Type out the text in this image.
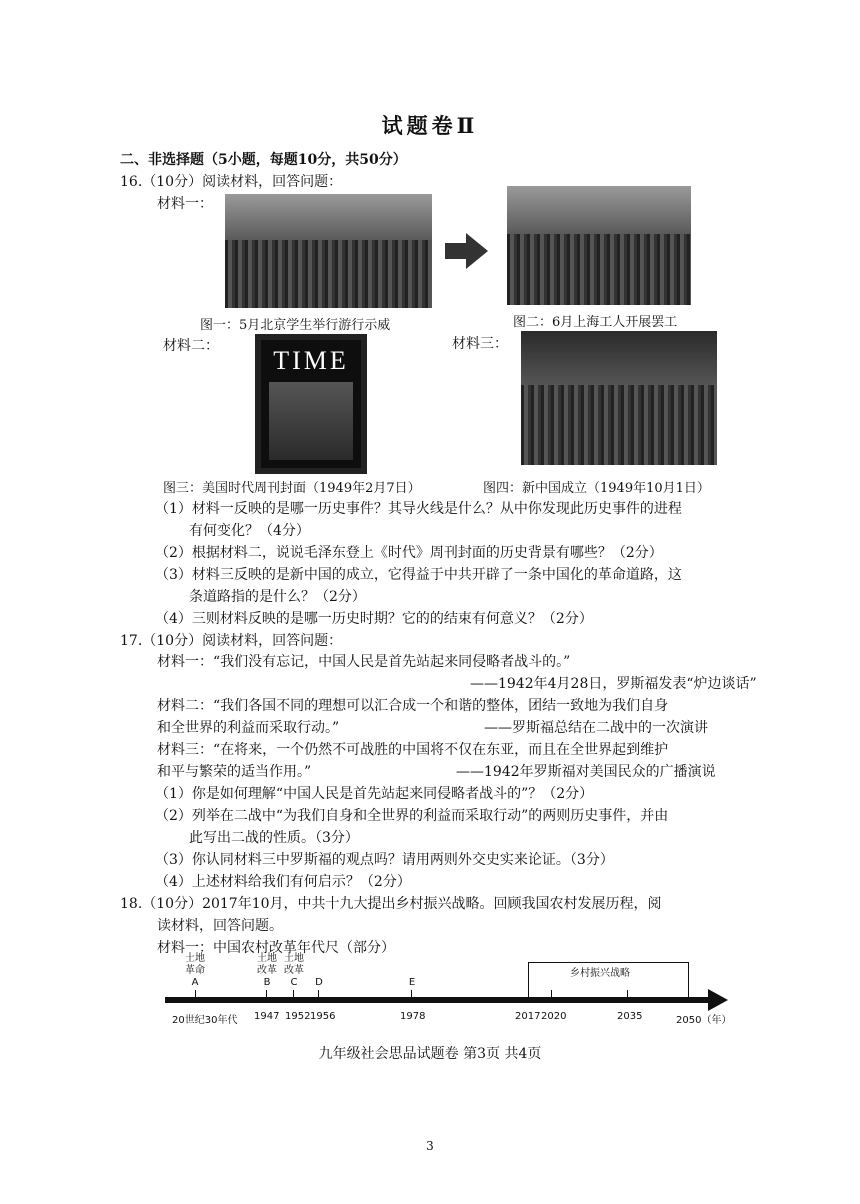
试题卷Ⅱ
二、非选择题（5小题，每题10分，共50分）
16.（10分）阅读材料，回答问题：
材料一：
图一：5月北京学生举行游行示威	图二：6月上海工人开展罢工
材料二：	TIME
材料三：
图三：美国时代周刊封面（1949年2月7日）	图四：新中国成立（1949年10月1日）
（1）材料一反映的是哪一历史事件？其导火线是什么？从中你发现此历史事件的进程
有何变化？（4分）
（2）根据材料二，说说毛泽东登上《时代》周刊封面的历史背景有哪些？（2分）
（3）材料三反映的是新中国的成立，它得益于中共开辟了一条中国化的革命道路，这
条道路指的是什么？（2分）
（4）三则材料反映的是哪一历史时期？它的的结束有何意义？（2分）
17.（10分）阅读材料，回答问题：
材料一：“我们没有忘记，中国人民是首先站起来同侵略者战斗的。”
——1942年4月28日，罗斯福发表“炉边谈话”
材料二：“我们各国不同的理想可以汇合成一个和谐的整体，团结一致地为我们自身
和全世界的利益而采取行动。”	——罗斯福总结在二战中的一次演讲
材料三：“在将来，一个仍然不可战胜的中国将不仅在东亚，而且在全世界起到维护
和平与繁荣的适当作用。”	——1942年罗斯福对美国民众的广播演说
（1）你是如何理解“中国人民是首先站起来同侵略者战斗的”？（2分）
（2）列举在二战中“为我们自身和全世界的利益而采取行动”的两则历史事件，并由
此写出二战的性质。（3分）
（3）你认同材料三中罗斯福的观点吗？请用两则外交史实来论证。（3分）
（4）上述材料给我们有何启示？（2分）
18.（10分）2017年10月，中共十九大提出乡村振兴战略。回顾我国农村发展历程，阅
读材料，回答问题。
材料一：中国农村改革年代尺（部分）
土地
革命
A
土地
改革
B
土地
改革
C	D	E
乡村振兴战略
20世纪30年代 1947 1952 1956	1978	2017 2020	2035	2050（年）
九年级社会思品试题卷 第3页 共4页
3
